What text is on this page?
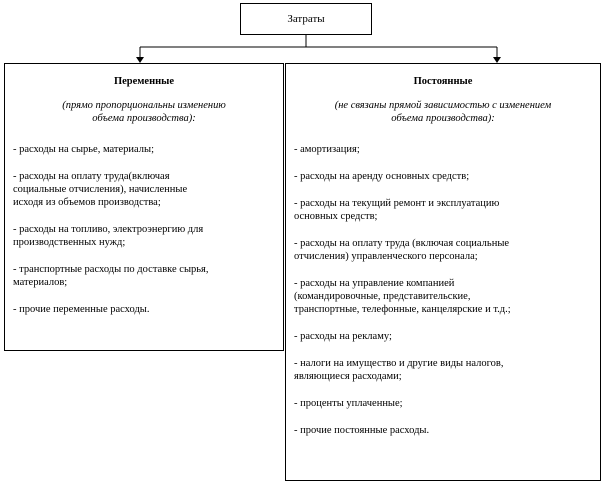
Затраты
Переменные
(прямо пропорциональны изменению
объема производства):
- расходы на сырье, материалы;
- расходы на оплату труда(включая
социальные отчисления), начисленные
исходя из объемов производства;
- расходы на топливо, электроэнергию для
производственных нужд;
- транспортные расходы по доставке сырья,
материалов;
- прочие переменные расходы.
Постоянные
(не связаны прямой зависимостью с изменением
объема производства):
- амортизация;
- расходы на аренду основных средств;
- расходы на текущий ремонт и эксплуатацию
основных средств;
- расходы на оплату труда (включая социальные
отчисления) управленческого персонала;
- расходы на управление компанией
(командировочные, представительские,
транспортные, телефонные, канцелярские и т.д.;
- расходы на рекламу;
- налоги на имущество и другие виды налогов,
являющиеся расходами;
- проценты уплаченные;
- прочие постоянные расходы.
